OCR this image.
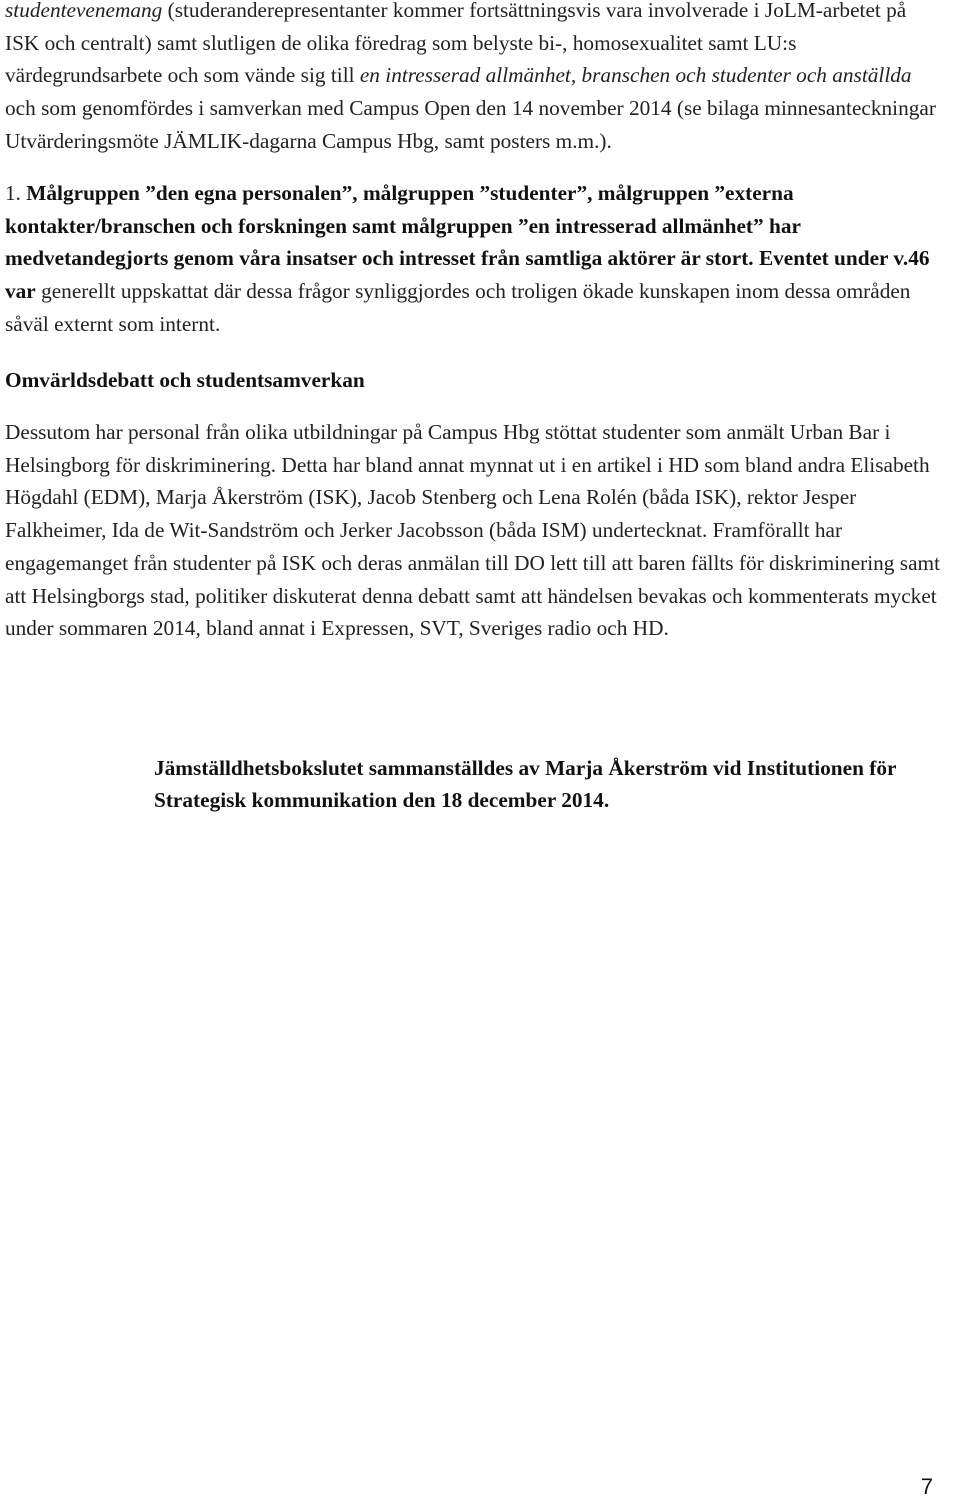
studentevenemang (studeranderepresentanter kommer fortsättningsvis vara involverade i JoLM-arbetet på ISK och centralt) samt slutligen de olika föredrag som belyste bi-, homosexualitet samt LU:s värdegrundsarbete och som vände sig till en intresserad allmänhet, branschen och studenter och anställda och som genomfördes i samverkan med Campus Open den 14 november 2014 (se bilaga minnesanteckningar Utvärderingsmöte JÄMLIK-dagarna Campus Hbg, samt posters m.m.).

1. Målgruppen ”den egna personalen”, målgruppen ”studenter”, målgruppen ”externa kontakter/branschen och forskningen samt målgruppen ”en intresserad allmänhet” har medvetandegjorts genom våra insatser och intresset från samtliga aktörer är stort. Eventet under v.46 var generellt uppskattat där dessa frågor synliggjordes och troligen ökade kunskapen inom dessa områden såväl externt som internt.

Omvärldsdebatt och studentsamverkan

Dessutom har personal från olika utbildningar på Campus Hbg stöttat studenter som anmält Urban Bar i Helsingborg för diskriminering. Detta har bland annat mynnat ut i en artikel i HD som bland andra Elisabeth Högdahl (EDM), Marja Åkerström (ISK), Jacob Stenberg och Lena Rolén (båda ISK), rektor Jesper Falkheimer, Ida de Wit-Sandström och Jerker Jacobsson (båda ISM) undertecknat. Framförallt har engagemanget från studenter på ISK och deras anmälan till DO lett till att baren fällts för diskriminering samt att Helsingborgs stad, politiker diskuterat denna debatt samt att händelsen bevakas och kommenterats mycket under sommaren 2014, bland annat i Expressen, SVT, Sveriges radio och HD.

Jämställdhetsbokslutet sammanställdes av Marja Åkerström vid Institutionen för Strategisk kommunikation den 18 december 2014.

7
